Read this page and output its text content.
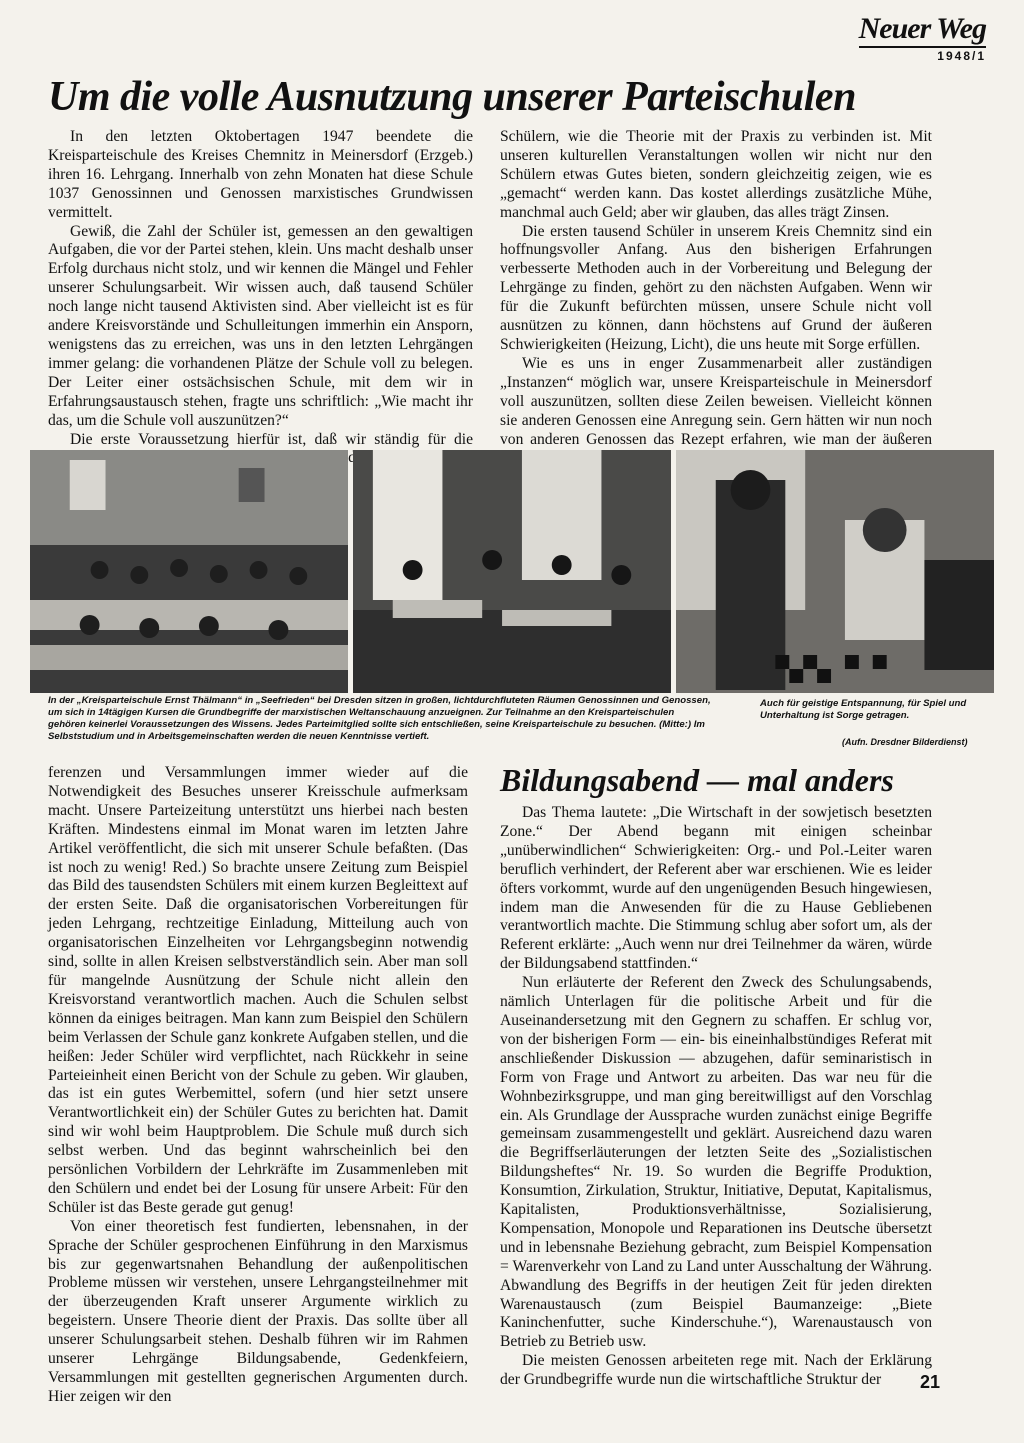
Neuer Weg
1948/1
Um die volle Ausnutzung unserer Parteischulen

In den letzten Oktobertagen 1947 beendete die Kreisparteischule des Kreises Chemnitz in Meinersdorf (Erzgeb.) ihren 16. Lehrgang. Innerhalb von zehn Monaten hat diese Schule 1037 Genossinnen und Genossen marxistisches Grundwissen vermittelt.

Gewiß, die Zahl der Schüler ist, gemessen an den gewaltigen Aufgaben, die vor der Partei stehen, klein. Uns macht deshalb unser Erfolg durchaus nicht stolz, und wir kennen die Mängel und Fehler unserer Schulungsarbeit. Wir wissen auch, daß tausend Schüler noch lange nicht tausend Aktivisten sind. Aber vielleicht ist es für andere Kreisvorstände und Schulleitungen immerhin ein Ansporn, wenigstens das zu erreichen, was uns in den letzten Lehrgängen immer gelang: die vorhandenen Plätze der Schule voll zu belegen. Der Leiter einer ostsächsischen Schule, mit dem wir in Erfahrungsaustausch stehen, fragte uns schriftlich: „Wie macht ihr das, um die Schule voll auszunützen?“

Die erste Voraussetzung hierfür ist, daß wir ständig für die

Schülern, wie die Theorie mit der Praxis zu verbinden ist. Mit unseren kulturellen Veranstaltungen wollen wir nicht nur den Schülern etwas Gutes bieten, sondern gleichzeitig zeigen, wie es „gemacht“ werden kann. Das kostet allerdings zusätzliche Mühe, manchmal auch Geld; aber wir glauben, das alles trägt Zinsen.

Die ersten tausend Schüler in unserem Kreis Chemnitz sind ein hoffnungsvoller Anfang. Aus den bisherigen Erfahrungen verbesserte Methoden auch in der Vorbereitung und Belegung der Lehrgänge zu finden, gehört zu den nächsten Aufgaben. Wenn wir für die Zukunft befürchten müssen, unsere Schule nicht voll ausnützen zu können, dann höchstens auf Grund der äußeren Schwierigkeiten (Heizung, Licht), die uns heute mit Sorge erfüllen.

Wie es uns in enger Zusammenarbeit aller zuständigen „Instanzen“ möglich war, unsere Kreisparteischule in Meinersdorf voll auszunützen, sollten diese Zeilen beweisen. Vielleicht können sie anderen Genossen eine Anregung sein. Gern hätten wir nun noch von anderen Genossen das Rezept erfahren, wie man der äußeren

In der „Kreisparteischule Ernst Thälmann“ in „Seefrieden“ bei Dresden sitzen in großen, lichtdurchfluteten Räumen Genossinnen und Genossen, um sich in 14tägigen Kursen die Grundbegriffe der marxistischen Weltanschauung anzueignen. Zur Teilnahme an den Kreisparteischulen gehören keinerlei Voraussetzungen des Wissens. Jedes Parteimitglied sollte sich entschließen, seine Kreisparteischule zu besuchen. (Mitte:) Im Selbststudium und in Arbeitsgemeinschaften werden die neuen Kenntnisse vertieft.
Auch für geistige Entspannung, für Spiel und Unterhaltung ist Sorge getragen.
(Aufn. Dresdner Bilderdienst)

ferenzen und Versammlungen immer wieder auf die Notwendigkeit des Besuches unserer Kreisschule aufmerksam macht. Unsere Parteizeitung unterstützt uns hierbei nach besten Kräften. Mindestens einmal im Monat waren im letzten Jahre Artikel veröffentlicht, die sich mit unserer Schule befaßten. (Das ist noch zu wenig! Red.) So brachte unsere Zeitung zum Beispiel das Bild des tausendsten Schülers mit einem kurzen Begleittext auf der ersten Seite. Daß die organisatorischen Vorbereitungen für jeden Lehrgang, rechtzeitige Einladung, Mitteilung auch von organisatorischen Einzelheiten vor Lehrgangsbeginn notwendig sind, sollte in allen Kreisen selbstverständlich sein. Aber man soll für mangelnde Ausnützung der Schule nicht allein den Kreisvorstand verantwortlich machen. Auch die Schulen selbst können da einiges beitragen. Man kann zum Beispiel den Schülern beim Verlassen der Schule ganz konkrete Aufgaben stellen, und die heißen: Jeder Schüler wird verpflichtet, nach Rückkehr in seine Parteieinheit einen Bericht von der Schule zu geben. Wir glauben, das ist ein gutes Werbemittel, sofern (und hier setzt unsere Verantwortlichkeit ein) der Schüler Gutes zu berichten hat. Damit sind wir wohl beim Hauptproblem. Die Schule muß durch sich selbst werben. Und das beginnt wahrscheinlich bei den persönlichen Vorbildern der Lehrkräfte im Zusammenleben mit den Schülern und endet bei der Losung für unsere Arbeit: Für den Schüler ist das Beste gerade gut genug!

Von einer theoretisch fest fundierten, lebensnahen, in der Sprache der Schüler gesprochenen Einführung in den Marxismus bis zur gegenwartsnahen Behandlung der außenpolitischen Probleme müssen wir verstehen, unsere Lehrgangsteilnehmer mit der überzeugenden Kraft unserer Argumente wirklich zu begeistern. Unsere Theorie dient der Praxis. Das sollte über all unserer Schulungsarbeit stehen. Deshalb führen wir im Rahmen unserer Lehrgänge Bildungsabende, Gedenkfeiern, Versammlungen mit gestellten gegnerischen Argumenten durch. Hier zeigen wir den

Bildungsabend — mal anders

Das Thema lautete: „Die Wirtschaft in der sowjetisch besetzten Zone.“ Der Abend begann mit einigen scheinbar „unüberwindlichen“ Schwierigkeiten: Org.- und Pol.-Leiter waren beruflich verhindert, der Referent aber war erschienen. Wie es leider öfters vorkommt, wurde auf den ungenügenden Besuch hingewiesen, indem man die Anwesenden für die zu Hause Gebliebenen verantwortlich machte. Die Stimmung schlug aber sofort um, als der Referent erklärte: „Auch wenn nur drei Teilnehmer da wären, würde der Bildungsabend stattfinden.“

Nun erläuterte der Referent den Zweck des Schulungsabends, nämlich Unterlagen für die politische Arbeit und für die Auseinandersetzung mit den Gegnern zu schaffen. Er schlug vor, von der bisherigen Form — ein- bis eineinhalbstündiges Referat mit anschließender Diskussion — abzugehen, dafür seminaristisch in Form von Frage und Antwort zu arbeiten. Das war neu für die Wohnbezirksgruppe, und man ging bereitwilligst auf den Vorschlag ein. Als Grundlage der Aussprache wurden zunächst einige Begriffe gemeinsam zusammengestellt und geklärt. Ausreichend dazu waren die Begriffserläuterungen der letzten Seite des „Sozialistischen Bildungsheftes“ Nr. 19. So wurden die Begriffe Produktion, Konsumtion, Zirkulation, Struktur, Initiative, Deputat, Kapitalismus, Kapitalisten, Produktionsverhältnisse, Sozialisierung, Kompensation, Monopole und Reparationen ins Deutsche übersetzt und in lebensnahe Beziehung gebracht, zum Beispiel Kompensation = Warenverkehr von Land zu Land unter Ausschaltung der Währung. Abwandlung des Begriffs in der heutigen Zeit für jeden direkten Warenaustausch (zum Beispiel Baumanzeige: „Biete Kaninchenfutter, suche Kinderschuhe.“), Warenaustausch von Betrieb zu Betrieb usw.

Die meisten Genossen arbeiteten rege mit. Nach der Erklärung der Grundbegriffe wurde nun die wirtschaftliche Struktur der	21
